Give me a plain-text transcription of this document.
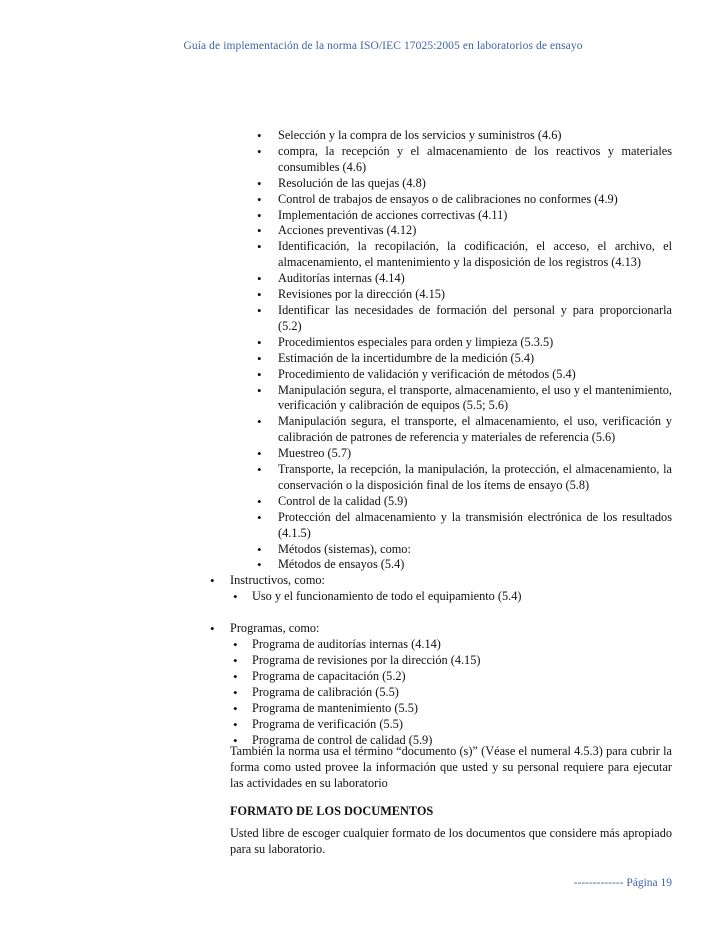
Guía de implementación de la norma ISO/IEC 17025:2005 en laboratorios de ensayo
• Selección y la compra de los servicios y suministros (4.6)
• compra, la recepción y el almacenamiento de los reactivos y materiales consumibles (4.6)
• Resolución de las quejas (4.8)
• Control de trabajos de ensayos o de calibraciones no conformes (4.9)
• Implementación de acciones correctivas (4.11)
• Acciones preventivas (4.12)
• Identificación, la recopilación, la codificación, el acceso, el archivo, el almacenamiento, el mantenimiento y la disposición de los registros (4.13)
• Auditorías internas (4.14)
• Revisiones por la dirección (4.15)
• Identificar las necesidades de formación del personal y para proporcionarla (5.2)
• Procedimientos especiales para orden y limpieza (5.3.5)
• Estimación de la incertidumbre de la medición (5.4)
• Procedimiento de validación y verificación de métodos (5.4)
• Manipulación segura, el transporte, almacenamiento, el uso y el mantenimiento, verificación y calibración de equipos (5.5; 5.6)
• Manipulación segura, el transporte, el almacenamiento, el uso, verificación y calibración de patrones de referencia y materiales de referencia (5.6)
• Muestreo (5.7)
• Transporte, la recepción, la manipulación, la protección, el almacenamiento, la conservación o la disposición final de los ítems de ensayo (5.8)
• Control de la calidad (5.9)
• Protección del almacenamiento y la transmisión electrónica de los resultados (4.1.5)
• Métodos (sistemas), como:
• Métodos de ensayos (5.4)
• Instructivos, como:
• Uso y el funcionamiento de todo el equipamiento (5.4)
• Programas, como:
• Programa de auditorías internas (4.14)
• Programa de revisiones por la dirección (4.15)
• Programa de capacitación (5.2)
• Programa de calibración (5.5)
• Programa de mantenimiento (5.5)
• Programa de verificación (5.5)
• Programa de control de calidad (5.9)
También la norma usa el término “documento (s)” (Véase el numeral 4.5.3) para cubrir la forma como usted provee la información que usted y su personal requiere para ejecutar las actividades en su laboratorio
FORMATO DE LOS DOCUMENTOS
Usted libre de escoger cualquier formato de los documentos que considere más apropiado para su laboratorio.
------------- Página 19
